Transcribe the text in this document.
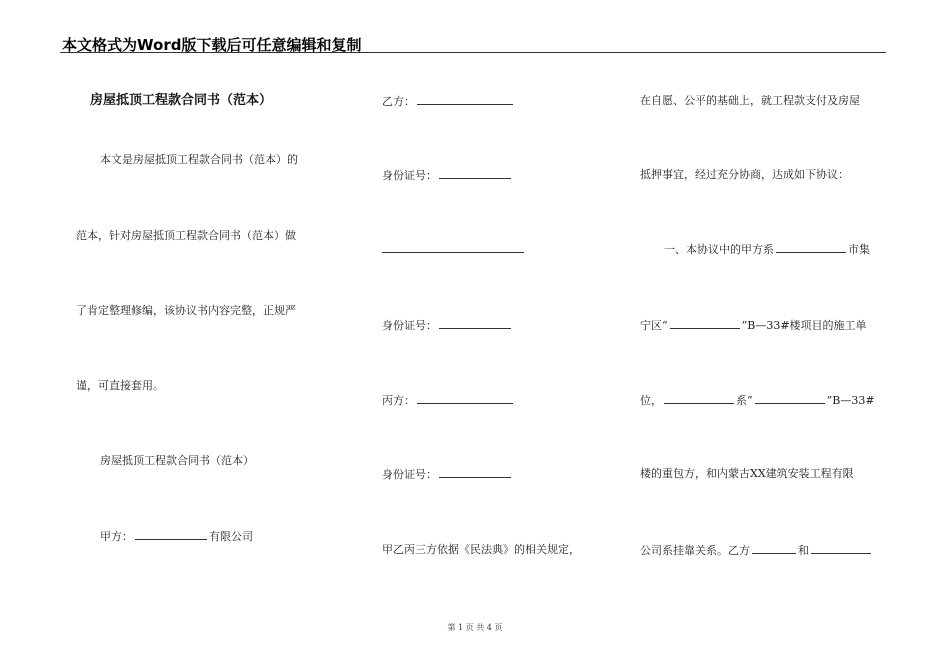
本文格式为Word版下载后可任意编辑和复制
房屋抵顶工程款合同书（范本）
本文是房屋抵顶工程款合同书（范本）的
范本，针对房屋抵顶工程款合同书（范本）做
了肯定整理修编，该协议书内容完整，正规严
谨，可直接套用。
房屋抵顶工程款合同书（范本）
甲方：	有限公司
乙方：
身份证号：
身份证号：
丙方：
身份证号：
甲乙丙三方依据《民法典》的相关规定，
在自愿、公平的基础上，就工程款支付及房屋
抵押事宜，经过充分协商，达成如下协议：
一、本协议中的甲方系	市集
宁区“	”B—33#楼项目的施工单
位，	系“	”B—33#
楼的重包方，和内蒙古XX建筑安装工程有限
公司系挂靠关系。乙方	和
第 1 页 共 4 页
